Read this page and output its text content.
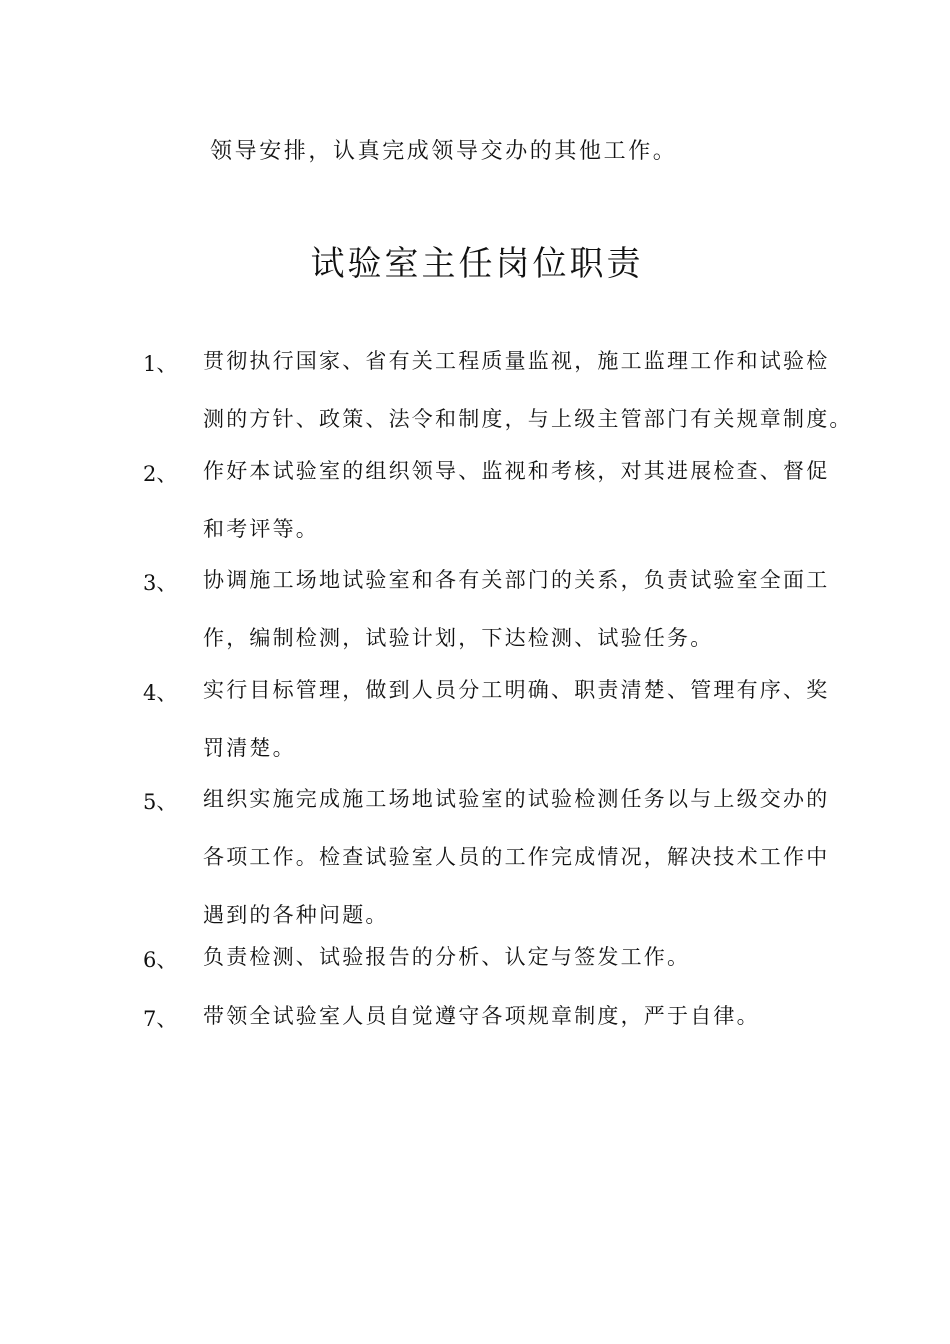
领导安排，认真完成领导交办的其他工作。
试验室主任岗位职责
1、 贯彻执行国家、省有关工程质量监视，施工监理工作和试验检
测的方针、政策、法令和制度，与上级主管部门有关规章制度。
2、 作好本试验室的组织领导、监视和考核，对其进展检查、督促
和考评等。
3、 协调施工场地试验室和各有关部门的关系，负责试验室全面工
作，编制检测，试验计划，下达检测、试验任务。
4、 实行目标管理，做到人员分工明确、职责清楚、管理有序、奖
罚清楚。
5、 组织实施完成施工场地试验室的试验检测任务以与上级交办的
各项工作。检查试验室人员的工作完成情况，解决技术工作中
遇到的各种问题。
6、 负责检测、试验报告的分析、认定与签发工作。
7、 带领全试验室人员自觉遵守各项规章制度，严于自律。
